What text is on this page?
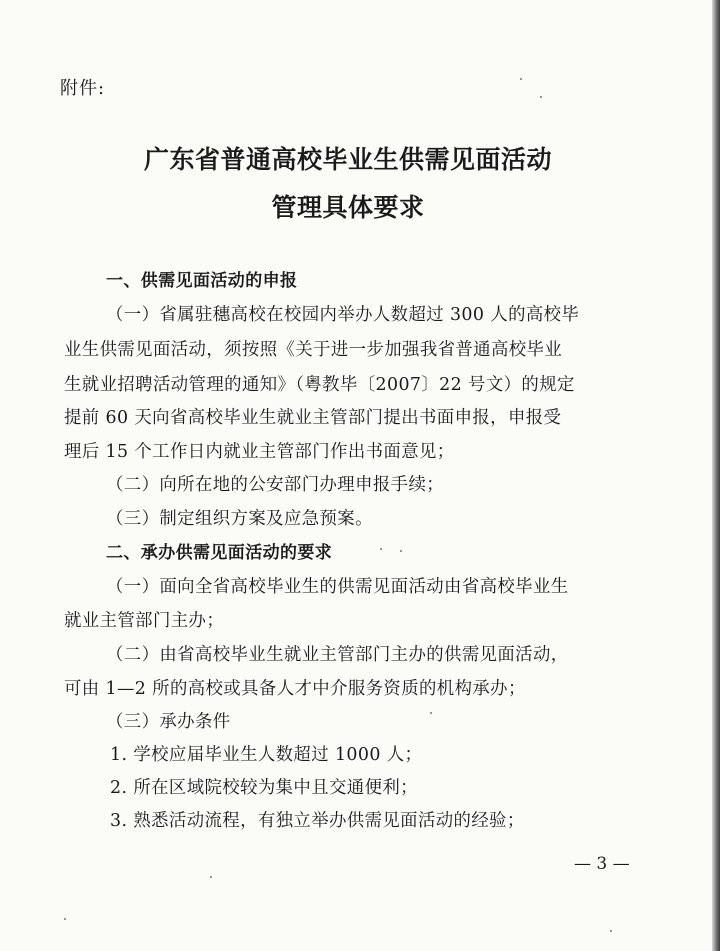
附件:
广东省普通高校毕业生供需见面活动
管理具体要求
一、供需见面活动的申报
（一）省属驻穗高校在校园内举办人数超过 300 人的高校毕
业生供需见面活动，须按照《关于进一步加强我省普通高校毕业
生就业招聘活动管理的通知》（粤教毕〔2007〕22 号文）的规定
提前 60 天向省高校毕业生就业主管部门提出书面申报，申报受
理后 15 个工作日内就业主管部门作出书面意见；
（二）向所在地的公安部门办理申报手续；
（三）制定组织方案及应急预案。
二、承办供需见面活动的要求
（一）面向全省高校毕业生的供需见面活动由省高校毕业生
就业主管部门主办；
（二）由省高校毕业生就业主管部门主办的供需见面活动，
可由 1—2 所的高校或具备人才中介服务资质的机构承办；
（三）承办条件
1. 学校应届毕业生人数超过 1000 人；
2. 所在区域院校较为集中且交通便利；
3. 熟悉活动流程，有独立举办供需见面活动的经验；
— 3 —
